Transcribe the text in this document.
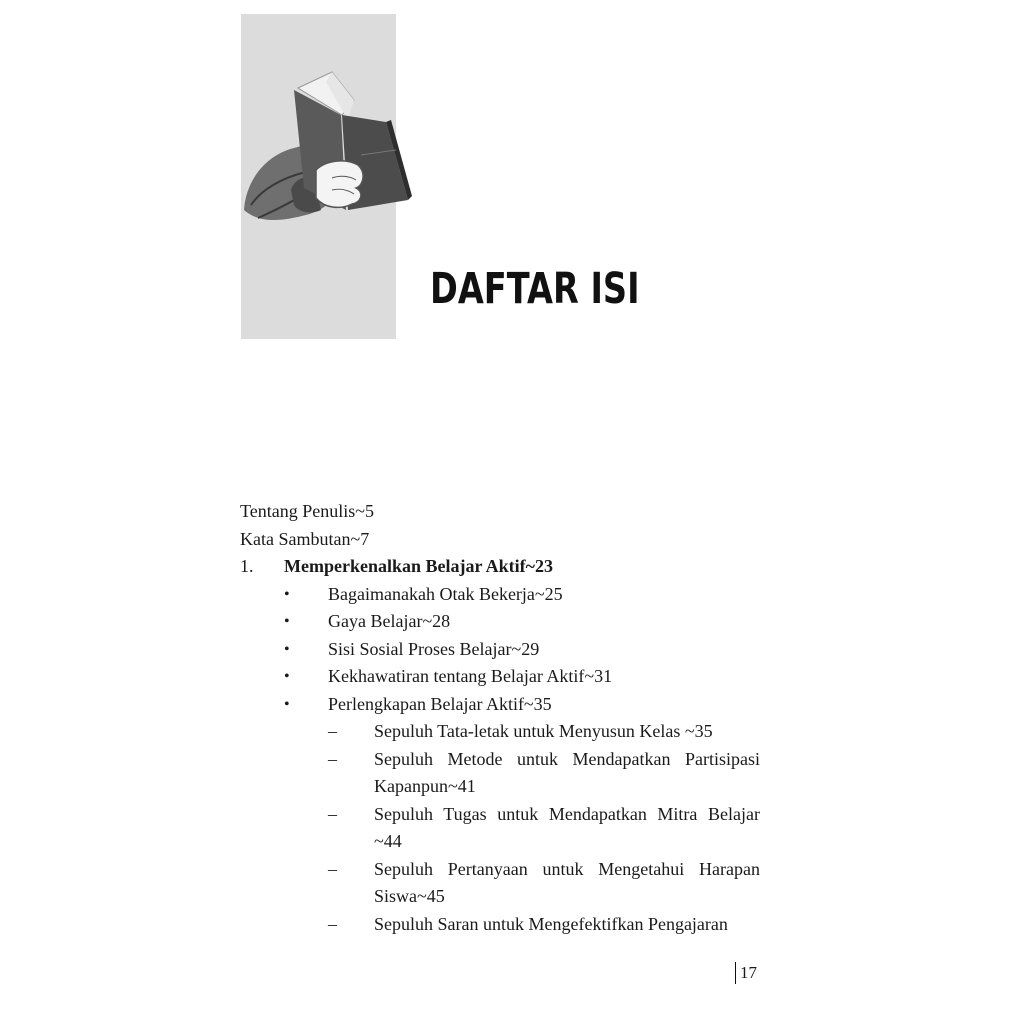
DAFTAR ISI
Tentang Penulis~5
Kata Sambutan~7
1.	Memperkenalkan Belajar Aktif~23
•	Bagaimanakah Otak Bekerja~25
•	Gaya Belajar~28
•	Sisi Sosial Proses Belajar~29
•	Kekhawatiran tentang Belajar Aktif~31
•	Perlengkapan Belajar Aktif~35
–	Sepuluh Tata-letak untuk Menyusun Kelas ~35
–	Sepuluh Metode untuk Mendapatkan Partisipasi Kapanpun~41
–	Sepuluh Tugas untuk Mendapatkan Mitra Belajar ~44
–	Sepuluh Pertanyaan untuk Mengetahui Harapan Siswa~45
–	Sepuluh Saran untuk Mengefektifkan Pengajaran
17
